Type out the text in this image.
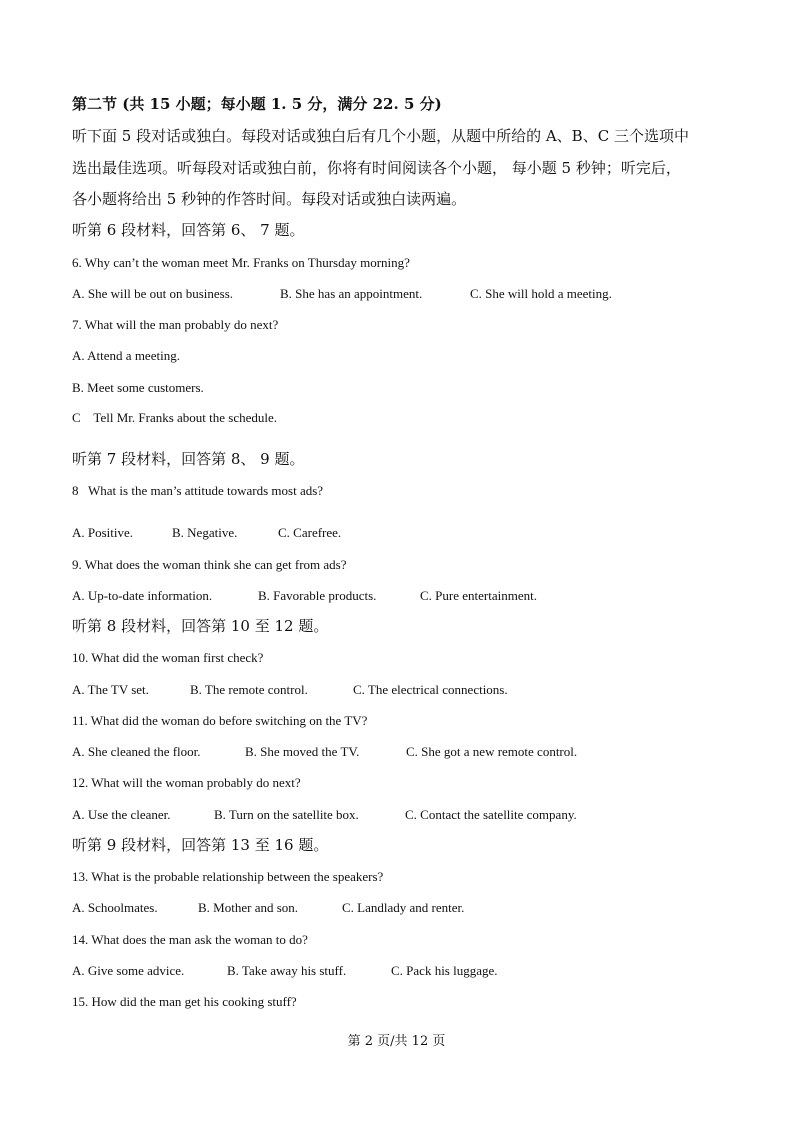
第二节 (共 15 小题；每小题 1. 5 分，满分 22. 5 分)
听下面 5 段对话或独白。每段对话或独白后有几个小题，从题中所给的 A、B、C 三个选项中
选出最佳选项。听每段对话或独白前，你将有时间阅读各个小题， 每小题 5 秒钟；听完后，
各小题将给出 5 秒钟的作答时间。每段对话或独白读两遍。
听第 6 段材料，回答第 6、 7 题。
6. Why can’t the woman meet Mr. Franks on Thursday morning?
A. She will be out on business.	B. She has an appointment.	C. She will hold a meeting.
7. What will the man probably do next?
A. Attend a meeting.
B. Meet some customers.
C    Tell Mr. Franks about the schedule.
听第 7 段材料，回答第 8、 9 题。
8   What is the man’s attitude towards most ads?
A. Positive.	B. Negative.	C. Carefree.
9. What does the woman think she can get from ads?
A. Up-to-date information.	B. Favorable products.	C. Pure entertainment.
听第 8 段材料，回答第 10 至 12 题。
10. What did the woman first check?
A. The TV set.	B. The remote control.	C. The electrical connections.
11. What did the woman do before switching on the TV?
A. She cleaned the floor.	B. She moved the TV.	C. She got a new remote control.
12. What will the woman probably do next?
A. Use the cleaner.	B. Turn on the satellite box.	C. Contact the satellite company.
听第 9 段材料，回答第 13 至 16 题。
13. What is the probable relationship between the speakers?
A. Schoolmates.	B. Mother and son.	C. Landlady and renter.
14. What does the man ask the woman to do?
A. Give some advice.	B. Take away his stuff.	C. Pack his luggage.
15. How did the man get his cooking stuff?
第 2 页/共 12 页
